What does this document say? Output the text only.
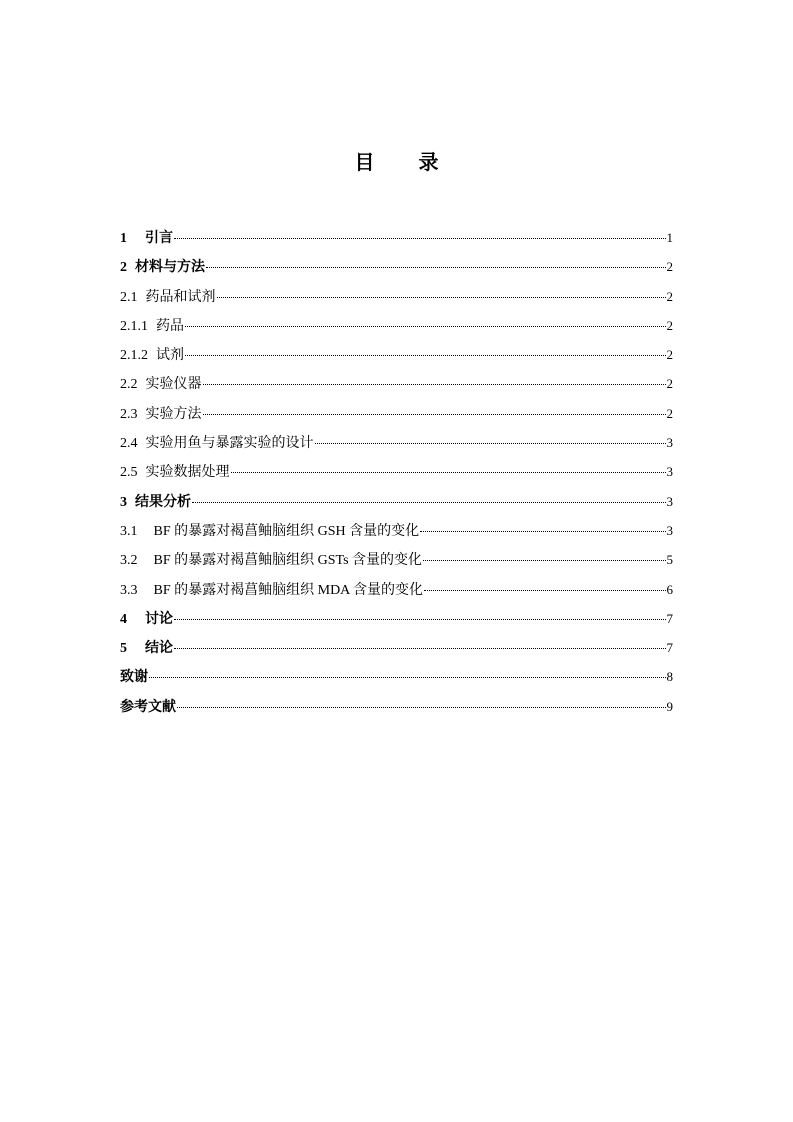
目 录
1 引言	1
2 材料与方法	2
2.1 药品和试剂	2
2.1.1 药品	2
2.1.2 试剂	2
2.2 实验仪器	2
2.3 实验方法	2
2.4 实验用鱼与暴露实验的设计	3
2.5 实验数据处理	3
3 结果分析	3
3.1 BF 的暴露对褐菖鲉脑组织 GSH 含量的变化	3
3.2 BF 的暴露对褐菖鲉脑组织 GSTs 含量的变化	5
3.3 BF 的暴露对褐菖鲉脑组织 MDA 含量的变化	6
4 讨论	7
5 结论	7
致谢	8
参考文献	9
